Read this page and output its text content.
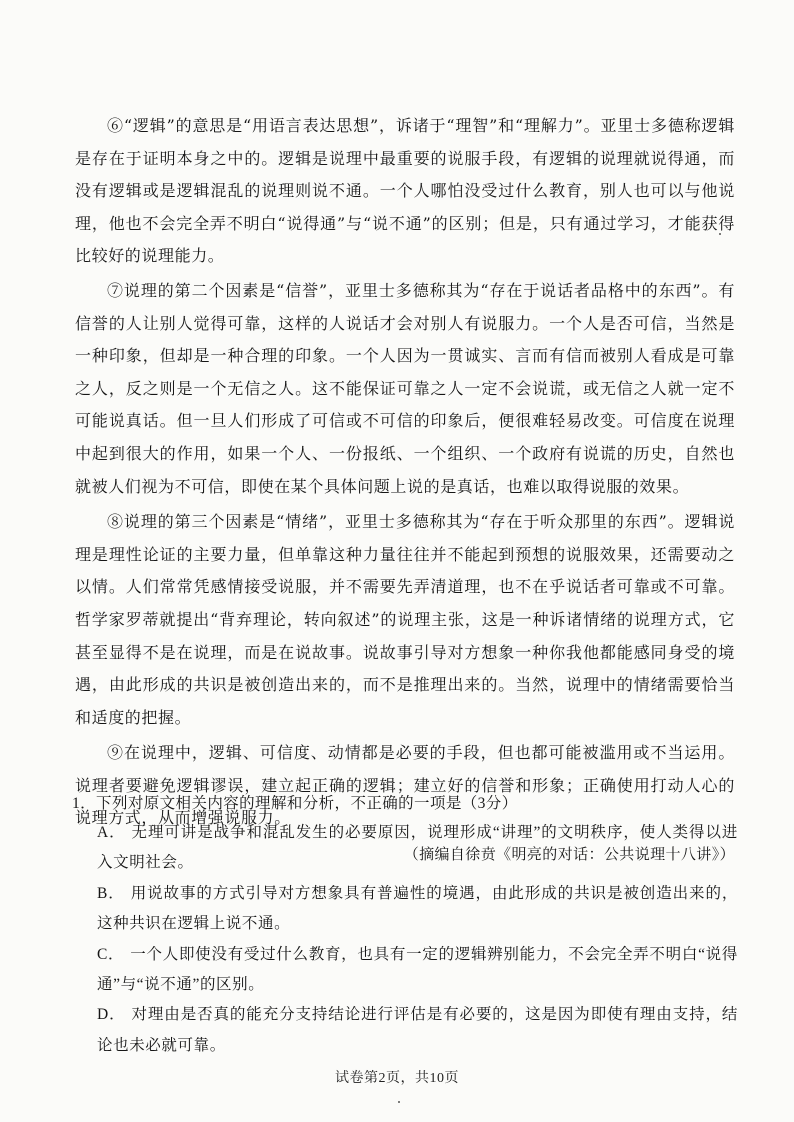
⑥“逻辑”的意思是“用语言表达思想”，诉诸于“理智”和“理解力”。亚里士多德称逻辑是存在于证明本身之中的。逻辑是说理中最重要的说服手段，有逻辑的说理就说得通，而没有逻辑或是逻辑混乱的说理则说不通。一个人哪怕没受过什么教育，别人也可以与他说理，他也不会完全弄不明白“说得通”与“说不通”的区别；但是，只有通过学习，才能获得比较好的说理能力。

⑦说理的第二个因素是“信誉”，亚里士多德称其为“存在于说话者品格中的东西”。有信誉的人让别人觉得可靠，这样的人说话才会对别人有说服力。一个人是否可信，当然是一种印象，但却是一种合理的印象。一个人因为一贯诚实、言而有信而被别人看成是可靠之人，反之则是一个无信之人。这不能保证可靠之人一定不会说谎，或无信之人就一定不可能说真话。但一旦人们形成了可信或不可信的印象后，便很难轻易改变。可信度在说理中起到很大的作用，如果一个人、一份报纸、一个组织、一个政府有说谎的历史，自然也就被人们视为不可信，即使在某个具体问题上说的是真话，也难以取得说服的效果。

⑧说理的第三个因素是“情绪”，亚里士多德称其为“存在于听众那里的东西”。逻辑说理是理性论证的主要力量，但单靠这种力量往往并不能起到预想的说服效果，还需要动之以情。人们常常凭感情接受说服，并不需要先弄清道理，也不在乎说话者可靠或不可靠。哲学家罗蒂就提出“背弃理论，转向叙述”的说理主张，这是一种诉诸情绪的说理方式，它甚至显得不是在说理，而是在说故事。说故事引导对方想象一种你我他都能感同身受的境遇，由此形成的共识是被创造出来的，而不是推理出来的。当然，说理中的情绪需要恰当和适度的把握。

⑨在说理中，逻辑、可信度、动情都是必要的手段，但也都可能被滥用或不当运用。说理者要避免逻辑谬误，建立起正确的逻辑；建立好的信誉和形象；正确使用打动人心的说理方式，从而增强说服力。

（摘编自徐贲《明亮的对话：公共说理十八讲》）

1．下列对原文相关内容的理解和分析，不正确的一项是（3分）

A． 无理可讲是战争和混乱发生的必要原因，说理形成“讲理”的文明秩序，使人类得以进入文明社会。

B． 用说故事的方式引导对方想象具有普遍性的境遇，由此形成的共识是被创造出来的，这种共识在逻辑上说不通。

C． 一个人即使没有受过什么教育，也具有一定的逻辑辨别能力，不会完全弄不明白“说得通”与“说不通”的区别。

D． 对理由是否真的能充分支持结论进行评估是有必要的，这是因为即使有理由支持，结论也未必就可靠。

试卷第2页，共10页
